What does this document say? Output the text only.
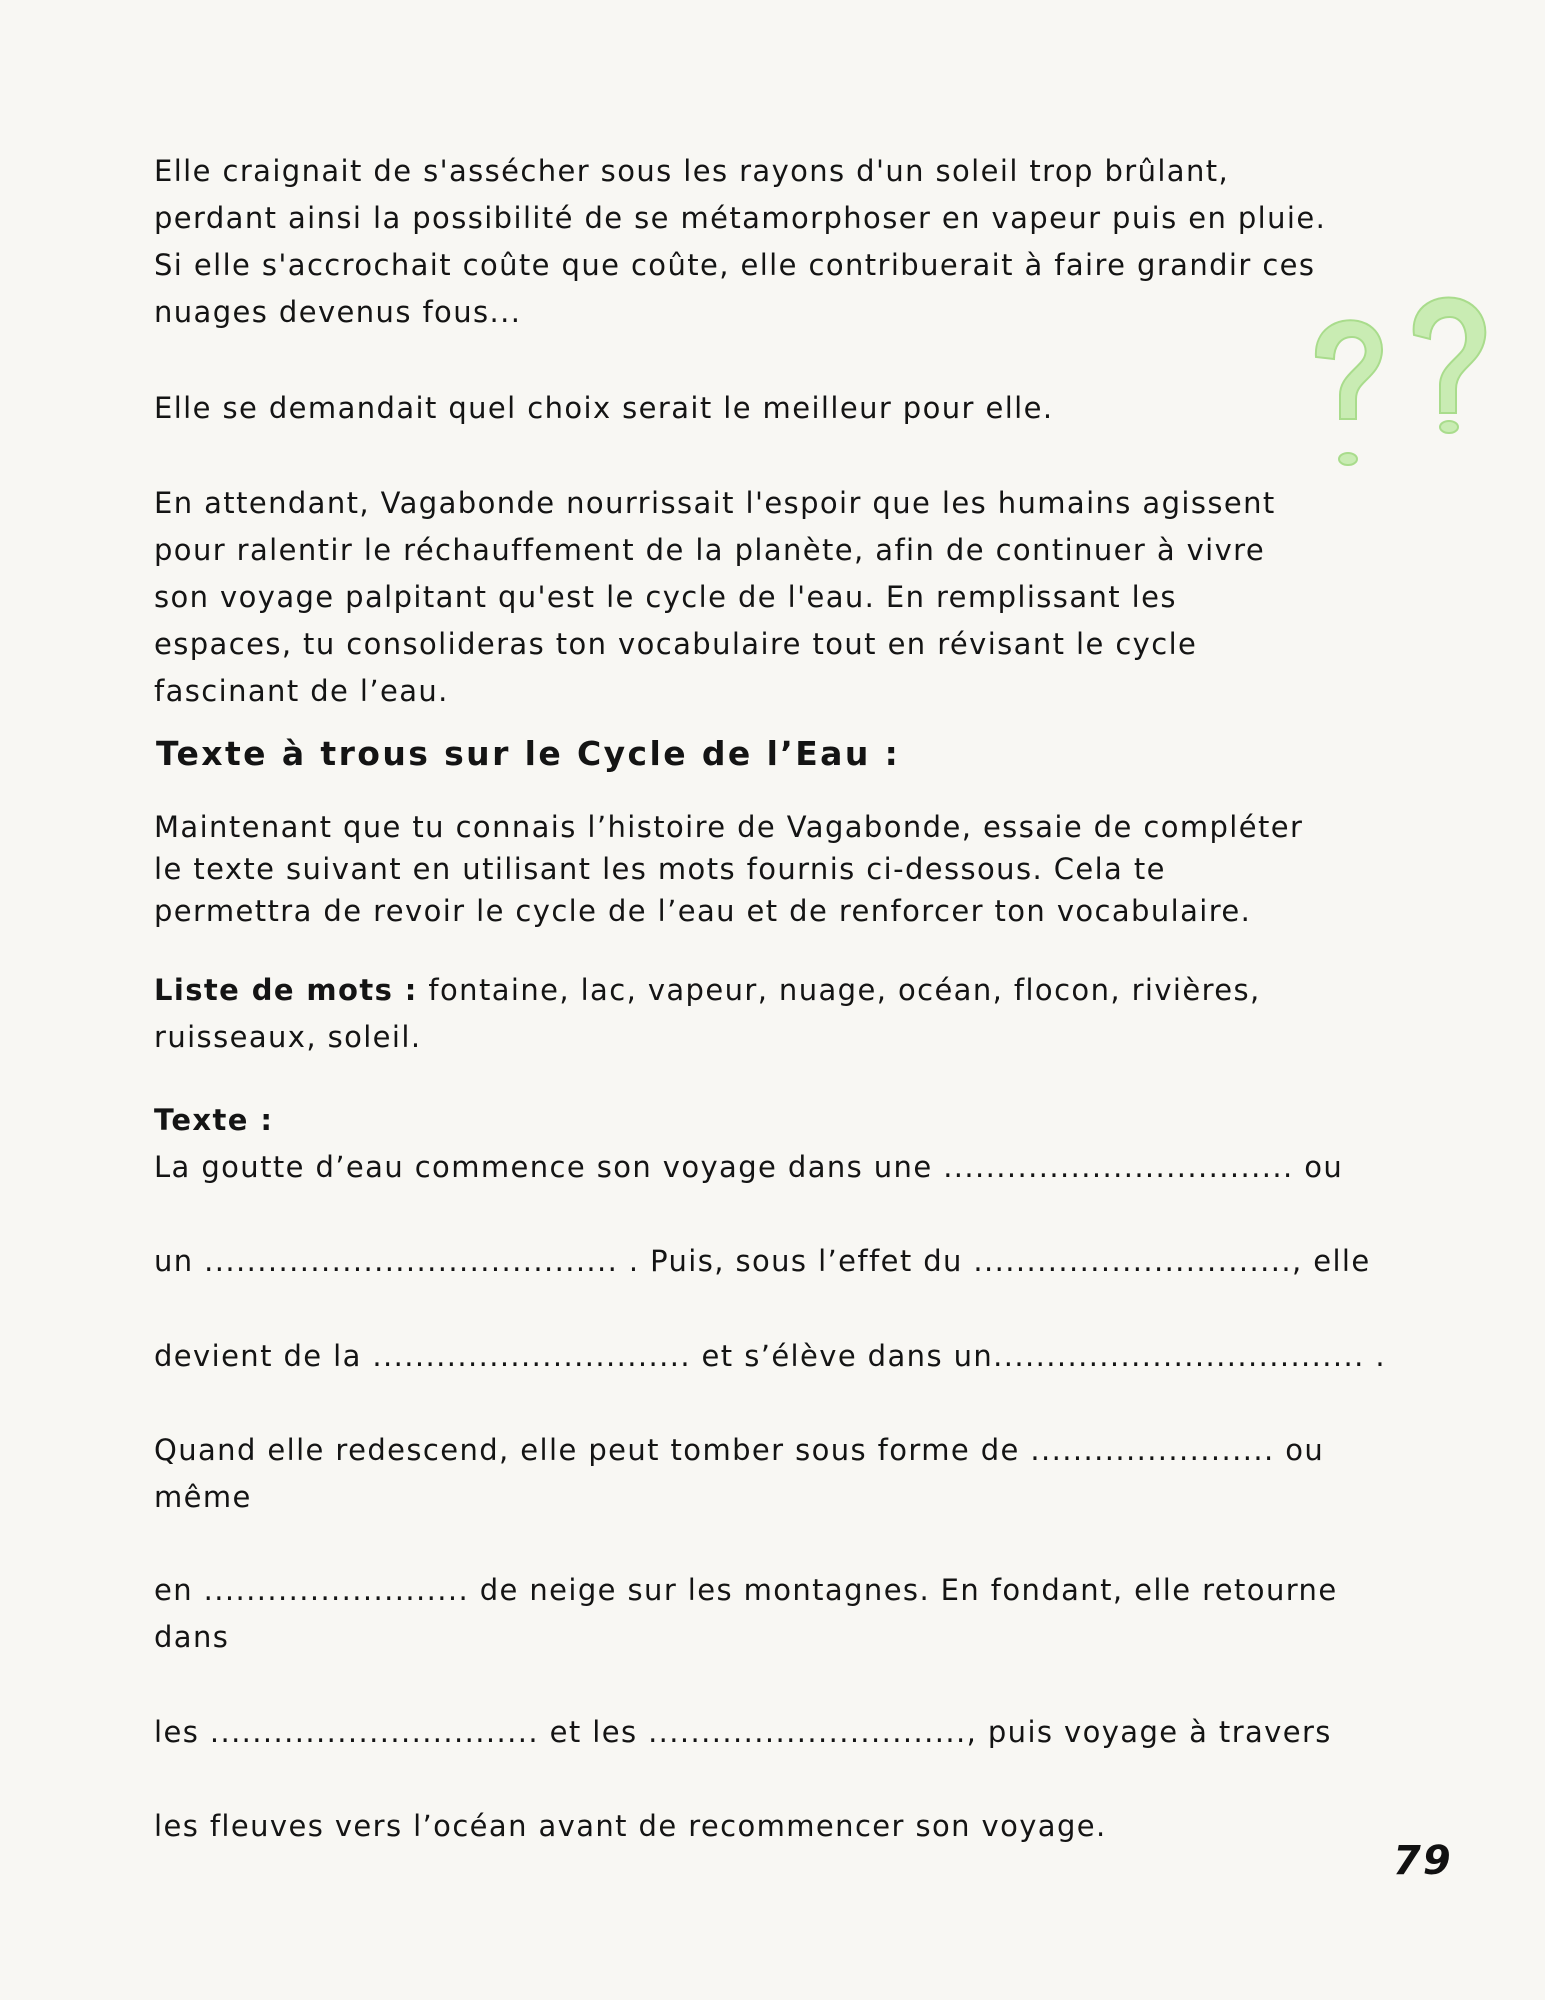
Elle craignait de s'assécher sous les rayons d'un soleil trop brûlant,
perdant ainsi la possibilité de se métamorphoser en vapeur puis en pluie.
Si elle s'accrochait coûte que coûte, elle contribuerait à faire grandir ces
nuages devenus fous...
Elle se demandait quel choix serait le meilleur pour elle.
En attendant, Vagabonde nourrissait l'espoir que les humains agissent
pour ralentir le réchauffement de la planète, afin de continuer à vivre
son voyage palpitant qu'est le cycle de l'eau. En remplissant les
espaces, tu consolideras ton vocabulaire tout en révisant le cycle
fascinant de l’eau.
Texte à trous sur le Cycle de l’Eau :
Maintenant que tu connais l’histoire de Vagabonde, essaie de compléter
le texte suivant en utilisant les mots fournis ci-dessous. Cela te
permettra de revoir le cycle de l’eau et de renforcer ton vocabulaire.
Liste de mots : fontaine, lac, vapeur, nuage, océan, flocon, rivières,
ruisseaux, soleil.
Texte :
La goutte d’eau commence son voyage dans une ................................. ou
un ....................................... . Puis, sous l’effet du .............................., elle
devient de la .............................. et s’élève dans un................................... .
Quand elle redescend, elle peut tomber sous forme de ....................... ou
même
en ......................... de neige sur les montagnes. En fondant, elle retourne
dans
les ............................... et les .............................., puis voyage à travers
les fleuves vers l’océan avant de recommencer son voyage.
79
